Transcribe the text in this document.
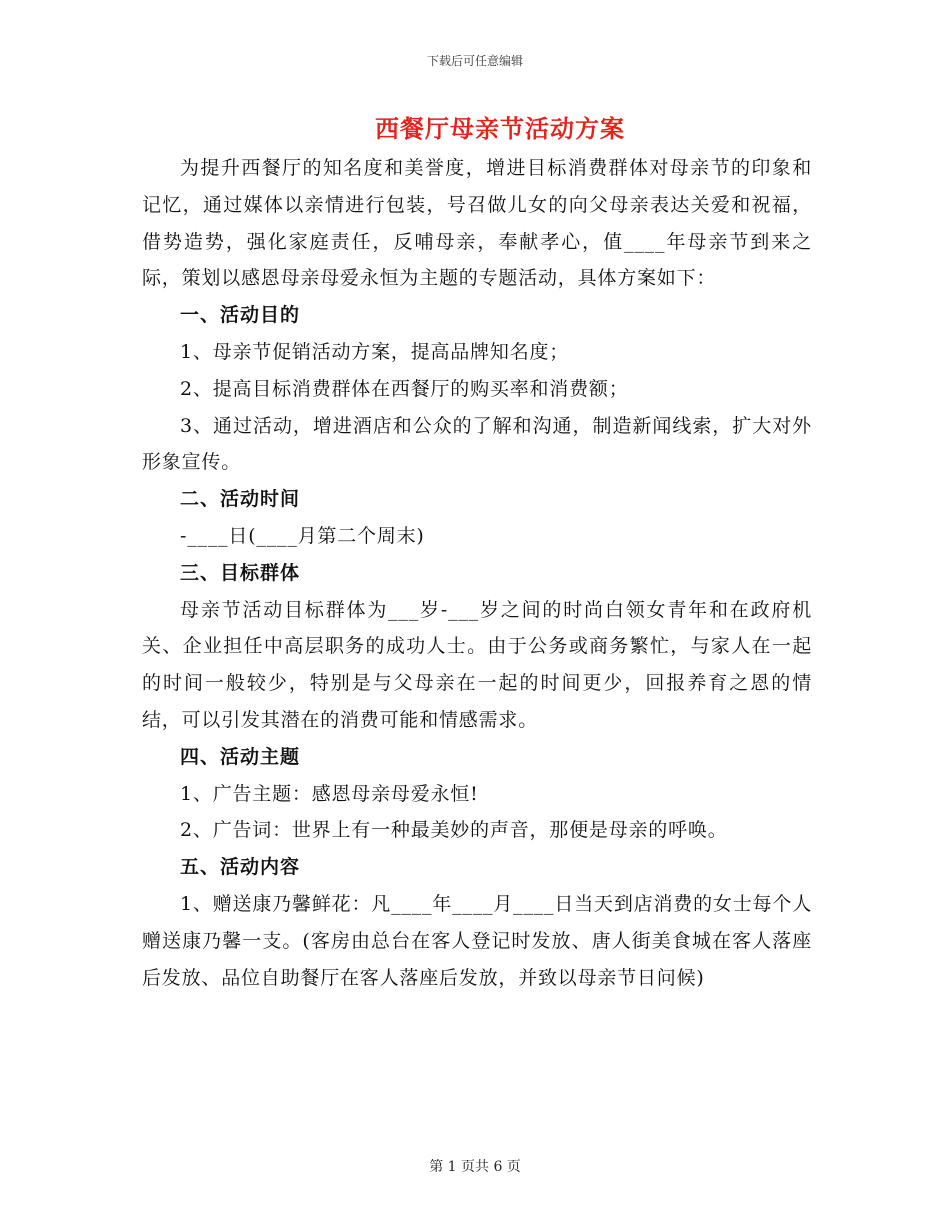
下载后可任意编辑
西餐厅母亲节活动方案

为提升西餐厅的知名度和美誉度，增进目标消费群体对母亲节的印象和记忆，通过媒体以亲情进行包装，号召做儿女的向父母亲表达关爱和祝福，借势造势，强化家庭责任，反哺母亲，奉献孝心，值____年母亲节到来之际，策划以感恩母亲母爱永恒为主题的专题活动，具体方案如下：

一、活动目的

1、母亲节促销活动方案，提高品牌知名度；

2、提高目标消费群体在西餐厅的购买率和消费额；

3、通过活动，增进酒店和公众的了解和沟通，制造新闻线索，扩大对外形象宣传。

二、活动时间

-____日(____月第二个周末)

三、目标群体

母亲节活动目标群体为___岁-___岁之间的时尚白领女青年和在政府机关、企业担任中高层职务的成功人士。由于公务或商务繁忙，与家人在一起的时间一般较少，特别是与父母亲在一起的时间更少，回报养育之恩的情结，可以引发其潜在的消费可能和情感需求。

四、活动主题

1、广告主题：感恩母亲母爱永恒!

2、广告词：世界上有一种最美妙的声音，那便是母亲的呼唤。

五、活动内容

1、赠送康乃馨鲜花：凡____年____月____日当天到店消费的女士每个人赠送康乃馨一支。(客房由总台在客人登记时发放、唐人街美食城在客人落座后发放、品位自助餐厅在客人落座后发放，并致以母亲节日问候)

第 1 页共 6 页
